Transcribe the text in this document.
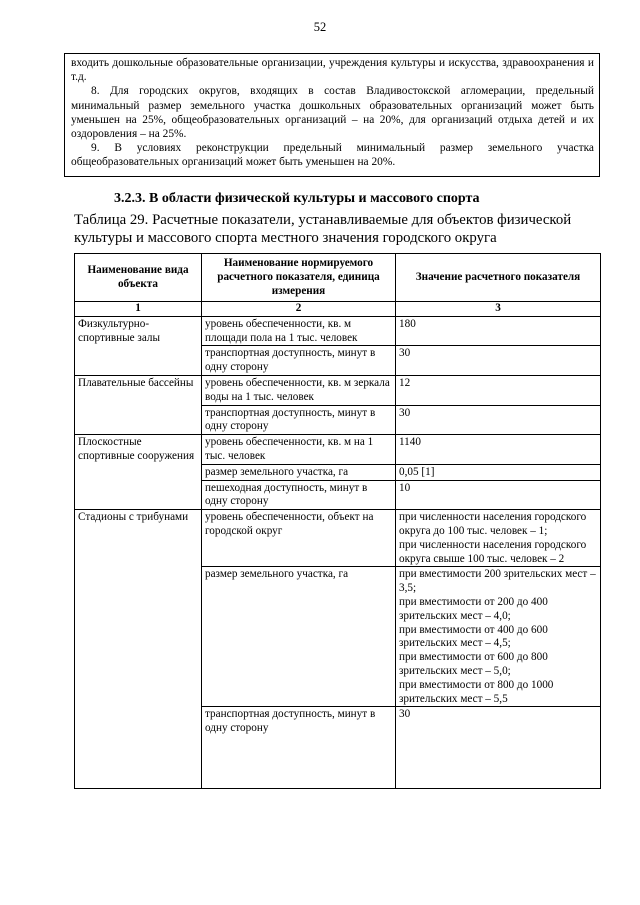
52

входить дошкольные образовательные организации, учреждения культуры и искусства, здравоохранения и т.д.

8. Для городских округов, входящих в состав Владивостокской агломерации, предельный минимальный размер земельного участка дошкольных образовательных организаций может быть уменьшен на 25%, общеобразовательных организаций – на 20%, для организаций отдыха детей и их оздоровления – на 25%.

9. В условиях реконструкции предельный минимальный размер земельного участка общеобразовательных организаций может быть уменьшен на 20%.

3.2.3. В области физической культуры и массового спорта
Таблица 29. Расчетные показатели, устанавливаемые для объектов физической культуры и массового спорта местного значения городского округа
Наименование вида объекта	Наименование нормируемого расчетного показателя, единица измерения	Значение расчетного показателя
1	2	3
Физкультурно-спортивные залы	уровень обеспеченности, кв. м площади пола на 1 тыс. человек	180
	транспортная доступность, минут в одну сторону	30
Плавательные бассейны	уровень обеспеченности, кв. м зеркала воды на 1 тыс. человек	12
	транспортная доступность, минут в одну сторону	30
Плоскостные спортивные сооружения	уровень обеспеченности, кв. м на 1 тыс. человек	1140
	размер земельного участка, га	0,05 [1]
	пешеходная доступность, минут в одну сторону	10
Стадионы с трибунами	уровень обеспеченности, объект на городской округ	при численности населения городского округа до 100 тыс. человек – 1;
при численности населения городского округа свыше 100 тыс. человек – 2
	размер земельного участка, га	при вместимости 200 зрительских мест – 3,5;
при вместимости от 200 до 400 зрительских мест – 4,0;
при вместимости от 400 до 600 зрительских мест – 4,5;
при вместимости от 600 до 800 зрительских мест – 5,0;
при вместимости от 800 до 1000 зрительских мест – 5,5
	транспортная доступность, минут в одну сторону	30
